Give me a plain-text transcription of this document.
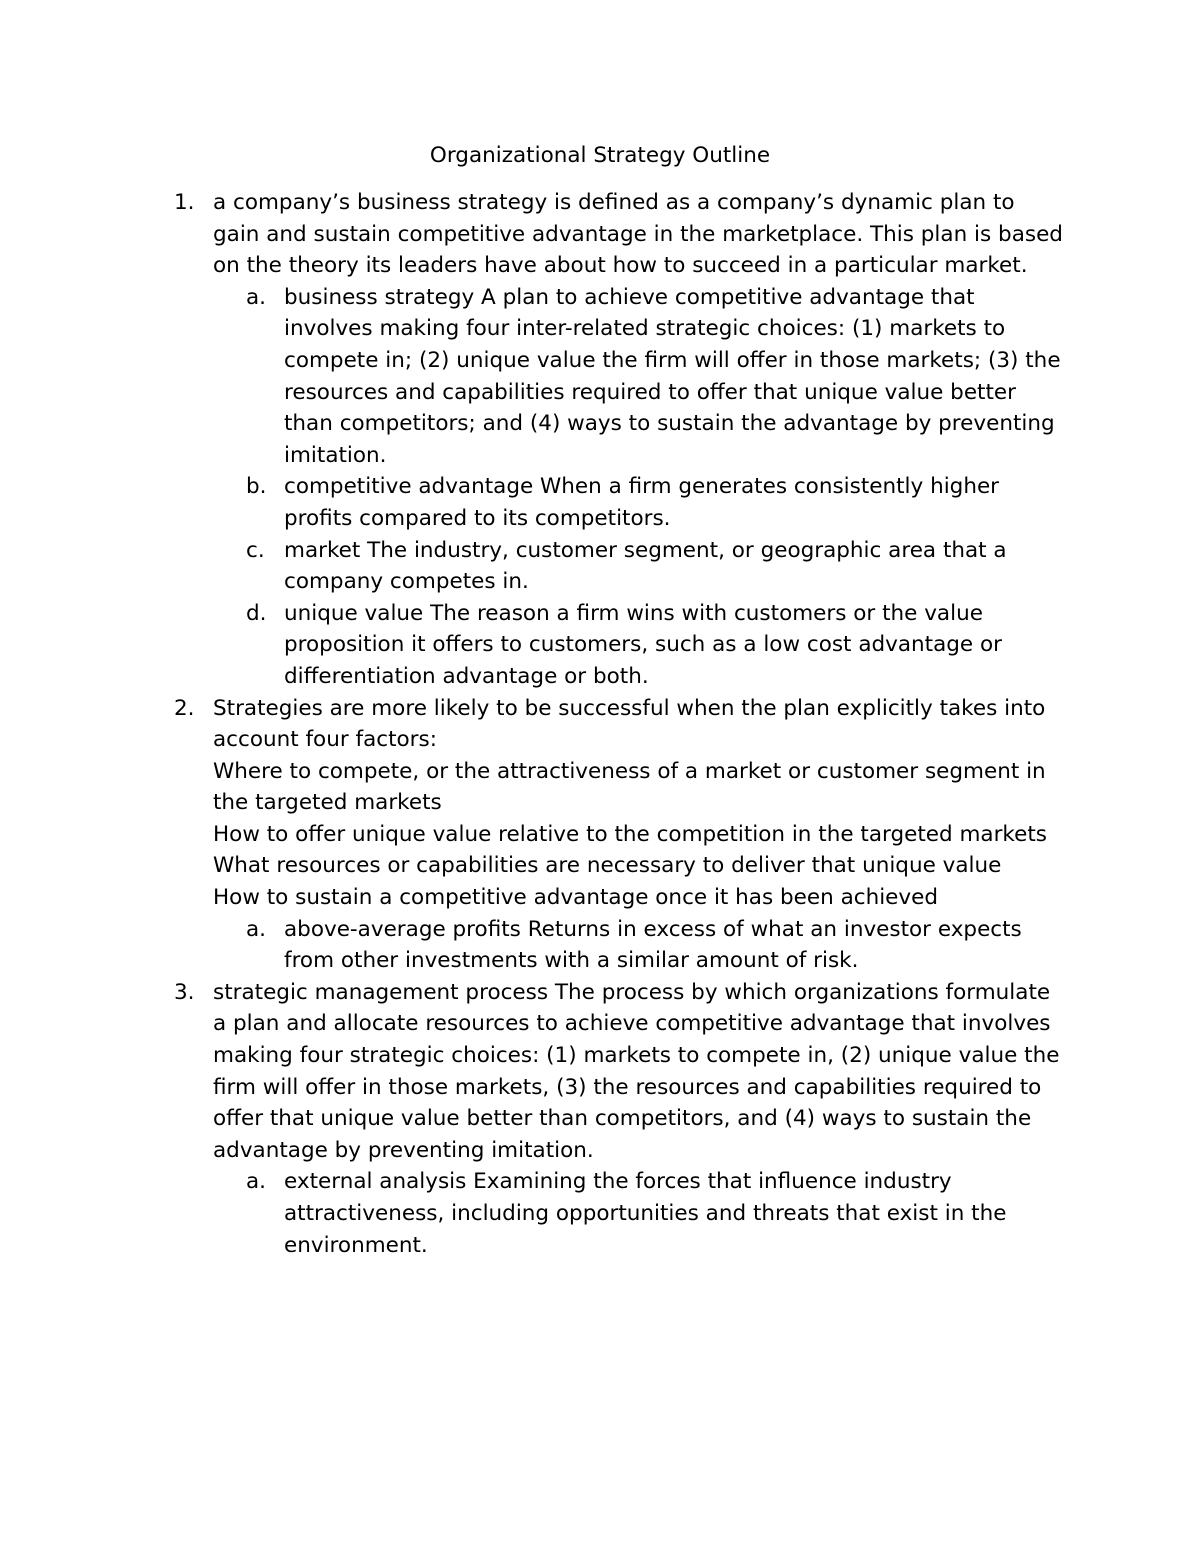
Organizational Strategy Outline
1. a company’s business strategy is defined as a company’s dynamic plan to gain and sustain competitive advantage in the marketplace. This plan is based on the theory its leaders have about how to succeed in a particular market.
a. business strategy A plan to achieve competitive advantage that involves making four inter-related strategic choices: (1) markets to compete in; (2) unique value the firm will offer in those markets; (3) the resources and capabilities required to offer that unique value better than competitors; and (4) ways to sustain the advantage by preventing imitation.
b. competitive advantage When a firm generates consistently higher profits compared to its competitors.
c. market The industry, customer segment, or geographic area that a company competes in.
d. unique value The reason a firm wins with customers or the value proposition it offers to customers, such as a low cost advantage or differentiation advantage or both.
2. Strategies are more likely to be successful when the plan explicitly takes into account four factors:
Where to compete, or the attractiveness of a market or customer segment in the targeted markets
How to offer unique value relative to the competition in the targeted markets
What resources or capabilities are necessary to deliver that unique value
How to sustain a competitive advantage once it has been achieved
a. above-average profits Returns in excess of what an investor expects from other investments with a similar amount of risk.
3. strategic management process The process by which organizations formulate a plan and allocate resources to achieve competitive advantage that involves making four strategic choices: (1) markets to compete in, (2) unique value the firm will offer in those markets, (3) the resources and capabilities required to offer that unique value better than competitors, and (4) ways to sustain the advantage by preventing imitation.
a. external analysis Examining the forces that influence industry attractiveness, including opportunities and threats that exist in the environment.
